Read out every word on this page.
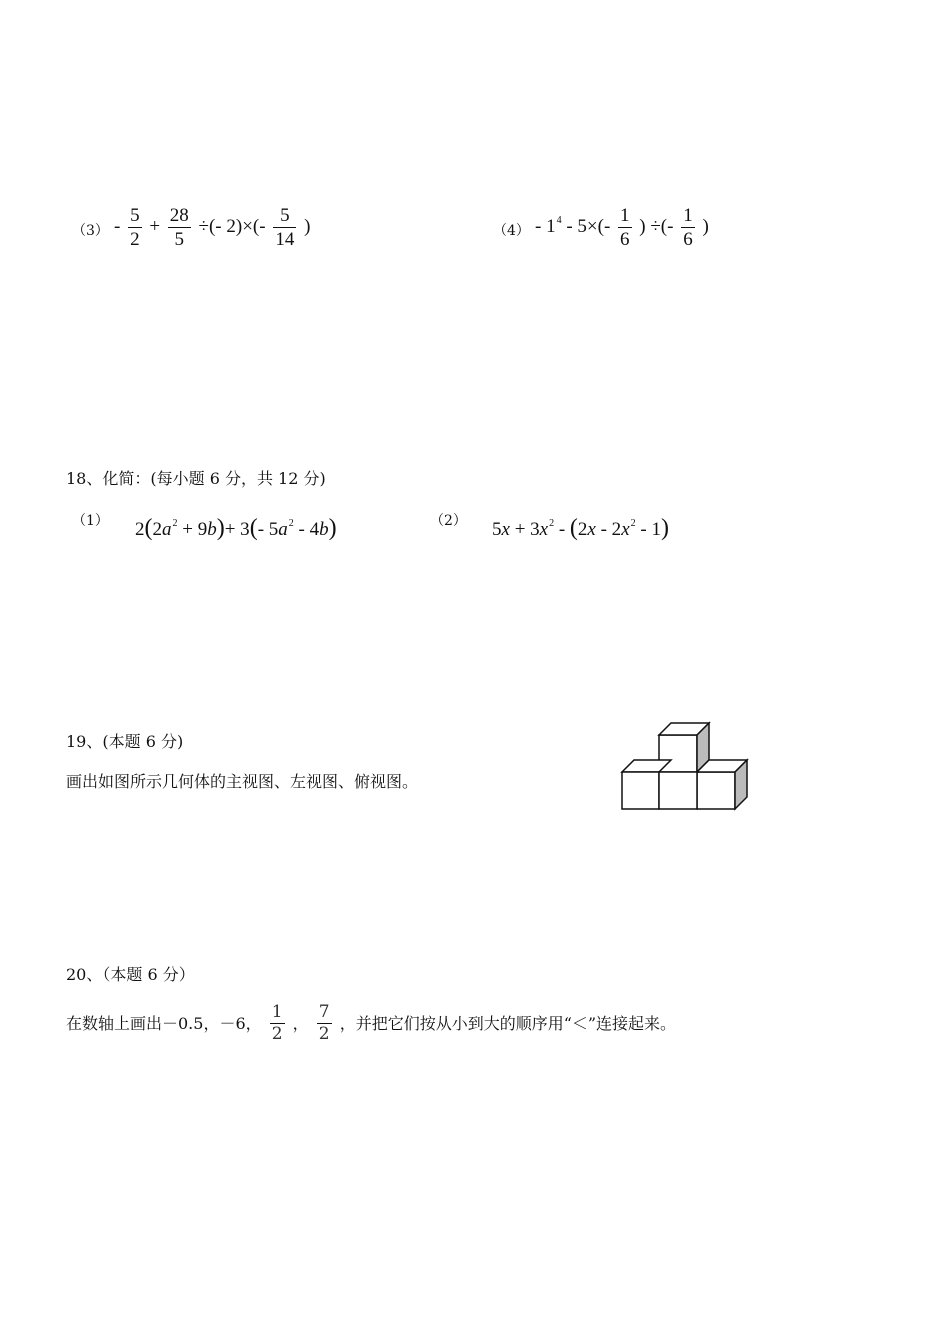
$(3) - \frac{5}{2} + \frac{28}{5}$ ÷(- $2)\times(- \frac{5}{14}$ )	$(4) - 1^4 - 5\times(- \frac{1}{6}$ ) ÷(- $\frac{1}{6}$ )
18、化简：(每小题 6 分，共 12 分)
（1） $2(2a^2 + 9b)+ 3(-$ $5a^2 - 4b$)	（2） $5x + 3x^2 - (2x - 2x^2 - 1)$
19、(本题 6 分)
画出如图所示几何体的主视图、左视图、俯视图。
20、（本题 6 分）
在数轴上画出－0.5，－6， $\frac{1}{2}$ ， $\frac{7}{2}$ ，并把它们按从小到大的顺序用“＜”连接起来。
